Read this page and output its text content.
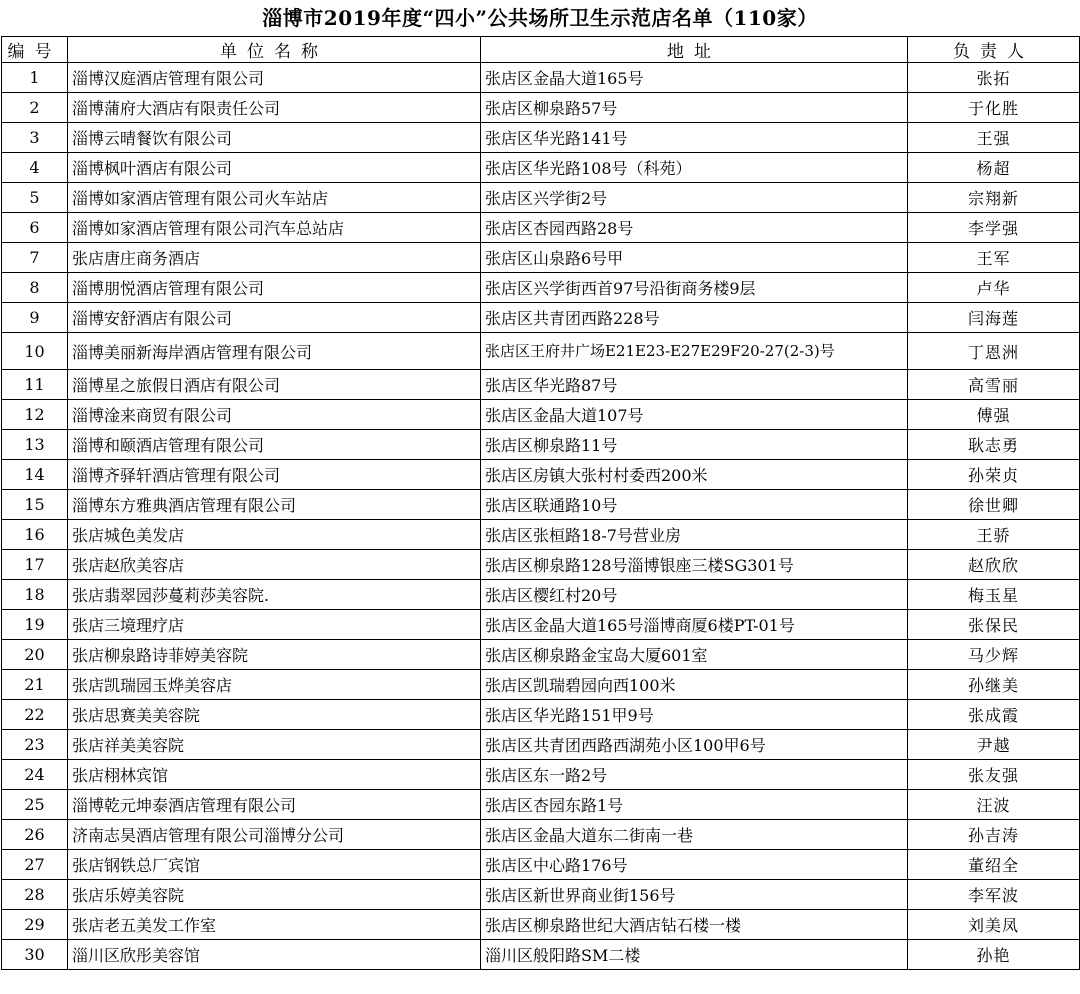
淄博市2019年度“四小”公共场所卫生示范店名单（110家）
编号	单位名称	地址	负责人
1	淄博汉庭酒店管理有限公司	张店区金晶大道165号	张拓
2	淄博蒲府大酒店有限责任公司	张店区柳泉路57号	于化胜
3	淄博云晴餐饮有限公司	张店区华光路141号	王强
4	淄博枫叶酒店有限公司	张店区华光路108号（科苑）	杨超
5	淄博如家酒店管理有限公司火车站店	张店区兴学街2号	宗翔新
6	淄博如家酒店管理有限公司汽车总站店	张店区杏园西路28号	李学强
7	张店唐庄商务酒店	张店区山泉路6号甲	王军
8	淄博朋悦酒店管理有限公司	张店区兴学街西首97号沿街商务楼9层	卢华
9	淄博安舒酒店有限公司	张店区共青团西路228号	闫海莲
10	淄博美丽新海岸酒店管理有限公司	张店区王府井广场E21E23-E27E29F20-27(2-3)号	丁恩洲
11	淄博星之旅假日酒店有限公司	张店区华光路87号	高雪丽
12	淄博淦来商贸有限公司	张店区金晶大道107号	傅强
13	淄博和颐酒店管理有限公司	张店区柳泉路11号	耿志勇
14	淄博齐驿轩酒店管理有限公司	张店区房镇大张村村委西200米	孙荣贞
15	淄博东方雅典酒店管理有限公司	张店区联通路10号	徐世卿
16	张店城色美发店	张店区张桓路18-7号营业房	王骄
17	张店赵欣美容店	张店区柳泉路128号淄博银座三楼SG301号	赵欣欣
18	张店翡翠园莎蔓莉莎美容院.	张店区樱红村20号	梅玉星
19	张店三境理疗店	张店区金晶大道165号淄博商厦6楼PT-01号	张保民
20	张店柳泉路诗菲婷美容院	张店区柳泉路金宝岛大厦601室	马少辉
21	张店凯瑞园玉烨美容店	张店区凯瑞碧园向西100米	孙继美
22	张店思赛美美容院	张店区华光路151甲9号	张成霞
23	张店祥美美容院	张店区共青团西路西湖苑小区100甲6号	尹越
24	张店栩林宾馆	张店区东一路2号	张友强
25	淄博乾元坤泰酒店管理有限公司	张店区杏园东路1号	汪波
26	济南志昊酒店管理有限公司淄博分公司	张店区金晶大道东二街南一巷	孙吉涛
27	张店钢铁总厂宾馆	张店区中心路176号	董绍全
28	张店乐婷美容院	张店区新世界商业街156号	李军波
29	张店老五美发工作室	张店区柳泉路世纪大酒店钻石楼一楼	刘美凤
30	淄川区欣彤美容馆	淄川区般阳路SM二楼	孙艳
